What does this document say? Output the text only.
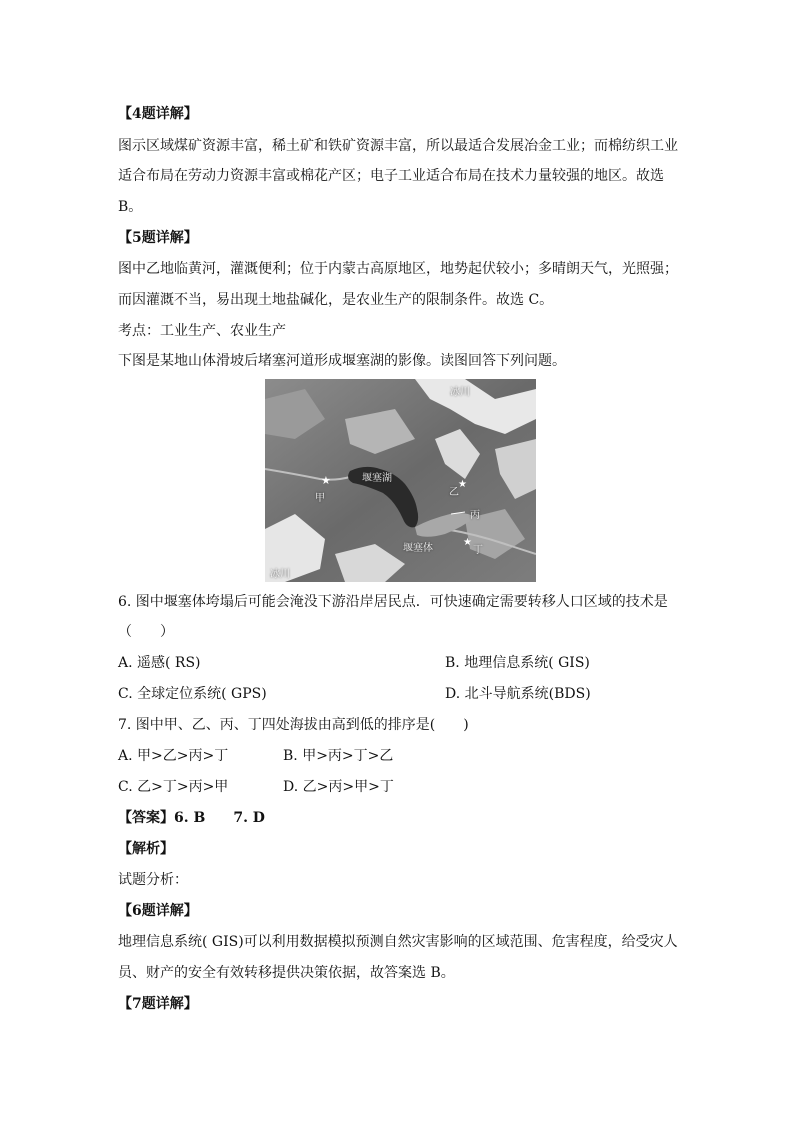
【4题详解】
图示区域煤矿资源丰富，稀土矿和铁矿资源丰富，所以最适合发展冶金工业；而棉纺织工业
适合布局在劳动力资源丰富或棉花产区；电子工业适合布局在技术力量较强的地区。故选
B。
【5题详解】
图中乙地临黄河，灌溉便利；位于内蒙古高原地区，地势起伏较小；多晴朗天气，光照强；
而因灌溉不当，易出现土地盐碱化，是农业生产的限制条件。故选 C。
考点：工业生产、农业生产
下图是某地山体滑坡后堵塞河道形成堰塞湖的影像。读图回答下列问题。
★	★
★
冰川
堰塞湖
甲
乙
丙
堰塞体	丁
冰川
6. 图中堰塞体垮塌后可能会淹没下游沿岸居民点．可快速确定需要转移人口区域的技术是
（　　）
A. 遥感( RS)	B. 地理信息系统( GIS)
C. 全球定位系统( GPS)	D. 北斗导航系统(BDS)
7. 图中甲、乙、丙、丁四处海拔由高到低的排序是(　　)
A. 甲>乙>丙>丁	B. 甲>丙>丁>乙
C. 乙>丁>丙>甲	D. 乙>丙>甲>丁
【答案】6. B　　7. D
【解析】
试题分析：
【6题详解】
地理信息系统( GIS)可以利用数据模拟预测自然灾害影响的区域范围、危害程度，给受灾人
员、财产的安全有效转移提供决策依据，故答案选 B。
【7题详解】
